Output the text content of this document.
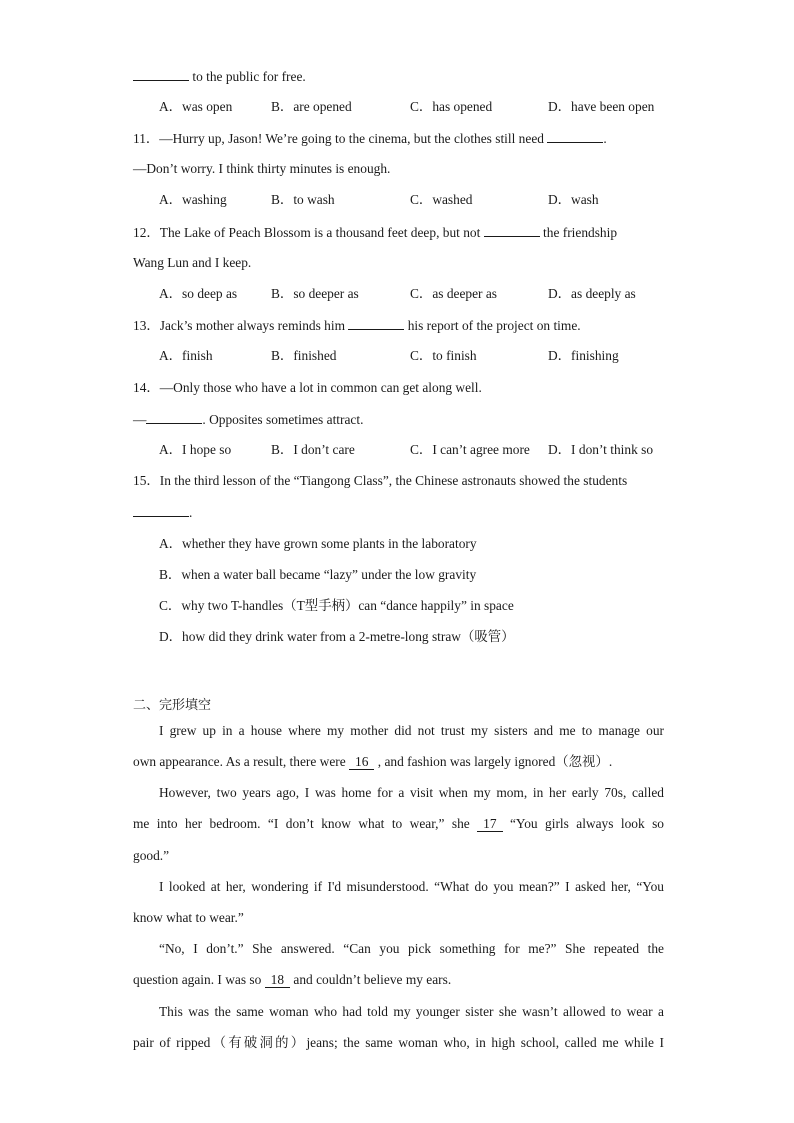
to the public for free.
A．was open	B．are opened	C．has opened	D．have been open
11．—Hurry up, Jason! We’re going to the cinema, but the clothes still need	.
—Don’t worry. I think thirty minutes is enough.
A．washing	B．to wash	C．washed	D．wash
12．The Lake of Peach Blossom is a thousand feet deep, but not	the friendship
Wang Lun and I keep.
A．so deep as	B．so deeper as	C．as deeper as	D．as deeply as
13．Jack’s mother always reminds him	his report of the project on time.
A．finish	B．finished	C．to finish	D．finishing
14．—Only those who have a lot in common can get along well.
—	. Opposites sometimes attract.
A．I hope so	B．I don’t care	C．I can’t agree more D．I don’t think so
15．In the third lesson of the “Tiangong Class”, the Chinese astronauts showed the students
.
A．whether they have grown some plants in the laboratory
B．when a water ball became “lazy” under the low gravity
C．why two T-handles（T型手柄）can “dance happily” in space
D．how did they drink water from a 2-metre-long straw（吸管）
二、完形填空
I grew up in a house where my mother did not trust my sisters and me to manage our
own appearance. As a result, there were 16 , and fashion was largely ignored（忽视）.
However, two years ago, I was home for a visit when my mom, in her early 70s, called
me into her bedroom. “I don’t know what to wear,” she 17 “You girls always look so
good.”
I looked at her, wondering if I'd misunderstood. “What do you mean?” I asked her, “You
know what to wear.”
“No, I don’t.” She answered. “Can you pick something for me?” She repeated the
question again. I was so 18 and couldn’t believe my ears.
This was the same woman who had told my younger sister she wasn’t allowed to wear a
pair of ripped（有破洞的）jeans; the same woman who, in high school, called me while I
